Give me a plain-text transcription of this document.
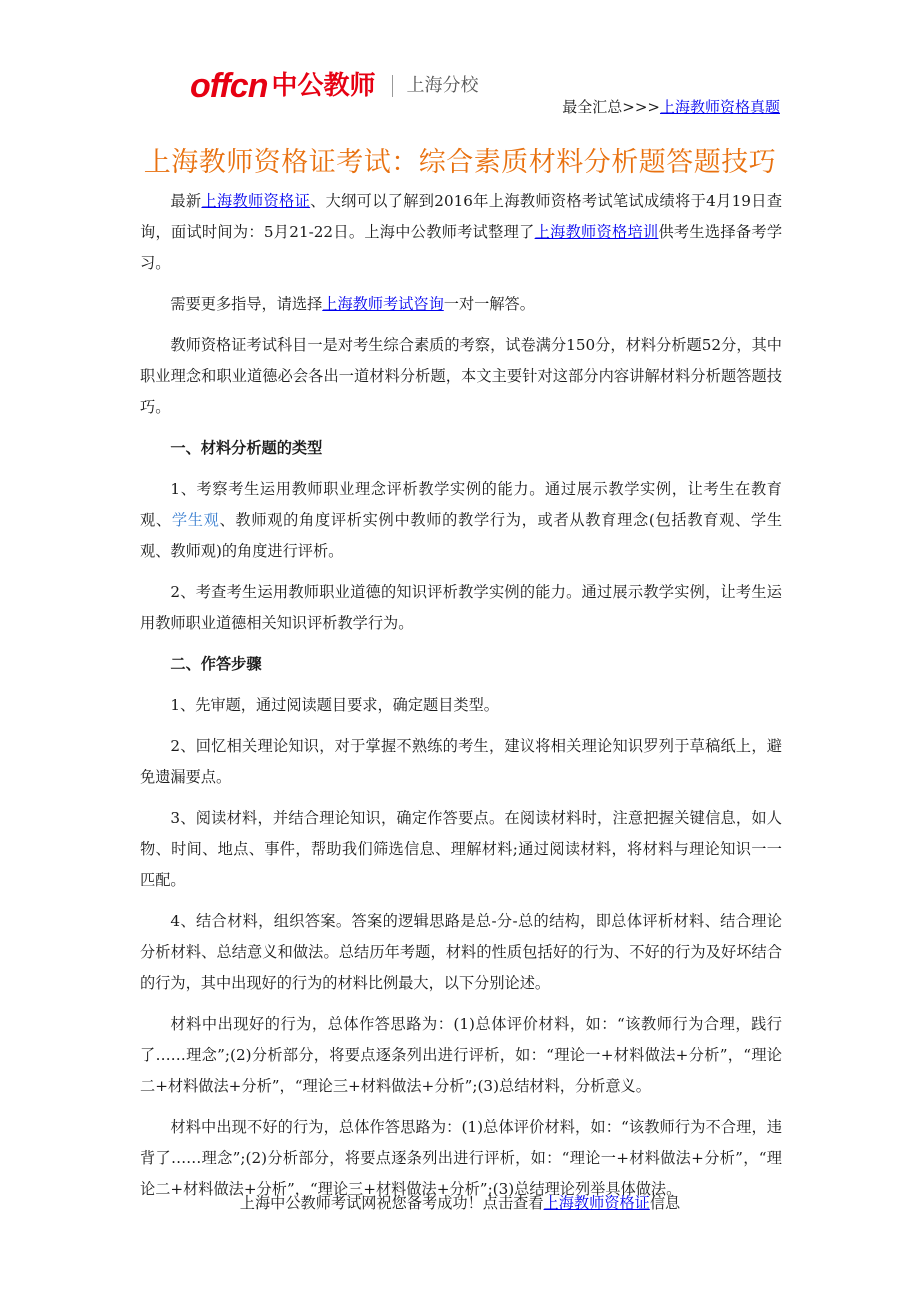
offcn 中公教师 上海分校
最全汇总>>>上海教师资格真题
上海教师资格证考试：综合素质材料分析题答题技巧

最新上海教师资格证、大纲可以了解到2016年上海教师资格考试笔试成绩将于4月19日查询，面试时间为：5月21-22日。上海中公教师考试整理了上海教师资格培训供考生选择备考学习。

需要更多指导，请选择上海教师考试咨询一对一解答。

教师资格证考试科目一是对考生综合素质的考察，试卷满分150分，材料分析题52分，其中职业理念和职业道德必会各出一道材料分析题，本文主要针对这部分内容讲解材料分析题答题技巧。

一、材料分析题的类型

1、考察考生运用教师职业理念评析教学实例的能力。通过展示教学实例，让考生在教育观、学生观、教师观的角度评析实例中教师的教学行为，或者从教育理念(包括教育观、学生观、教师观)的角度进行评析。

2、考查考生运用教师职业道德的知识评析教学实例的能力。通过展示教学实例，让考生运用教师职业道德相关知识评析教学行为。

二、作答步骤

1、先审题，通过阅读题目要求，确定题目类型。

2、回忆相关理论知识，对于掌握不熟练的考生，建议将相关理论知识罗列于草稿纸上，避免遗漏要点。

3、阅读材料，并结合理论知识，确定作答要点。在阅读材料时，注意把握关键信息，如人物、时间、地点、事件，帮助我们筛选信息、理解材料;通过阅读材料，将材料与理论知识一一匹配。

4、结合材料，组织答案。答案的逻辑思路是总-分-总的结构，即总体评析材料、结合理论分析材料、总结意义和做法。总结历年考题，材料的性质包括好的行为、不好的行为及好坏结合的行为，其中出现好的行为的材料比例最大，以下分别论述。

材料中出现好的行为，总体作答思路为：(1)总体评价材料，如：“该教师行为合理，践行了……理念”;(2)分析部分，将要点逐条列出进行评析，如：“理论一+材料做法+分析”，“理论二+材料做法+分析”，“理论三+材料做法+分析”;(3)总结材料，分析意义。

材料中出现不好的行为，总体作答思路为：(1)总体评价材料，如：“该教师行为不合理，违背了……理念”;(2)分析部分，将要点逐条列出进行评析，如：“理论一+材料做法+分析”，“理论二+材料做法+分析”，“理论三+材料做法+分析”;(3)总结理论列举具体做法。

上海中公教师考试网祝您备考成功！点击查看上海教师资格证信息
